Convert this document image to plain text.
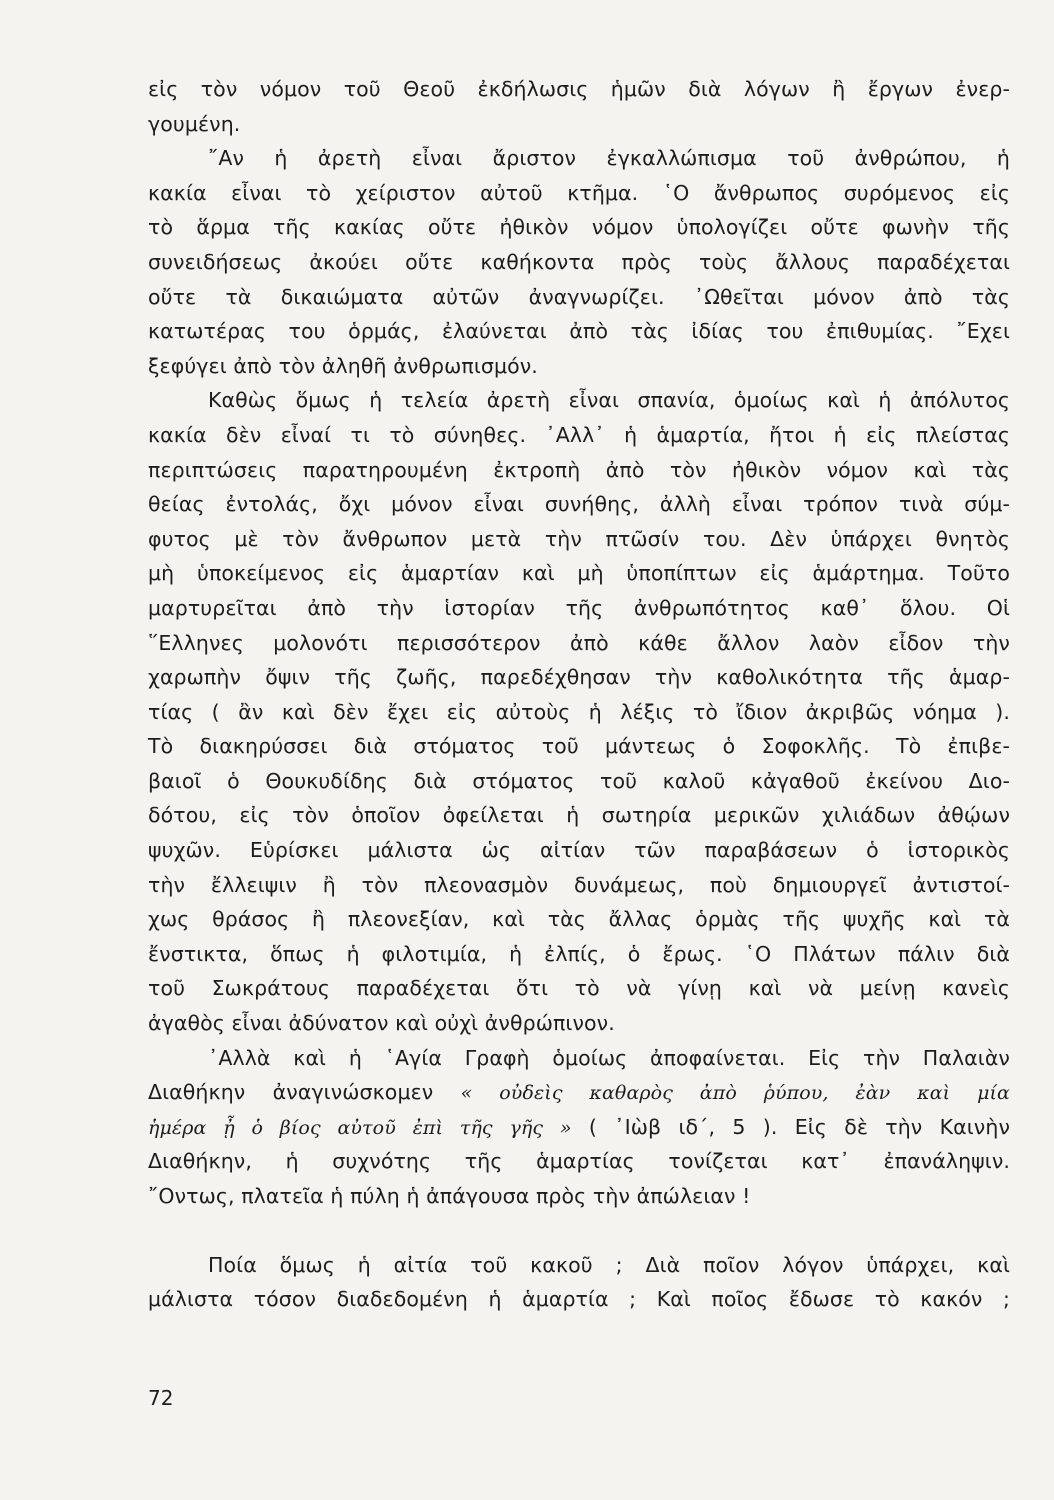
εἰς τὸν νόμον τοῦ Θεοῦ ἐκδήλωσις ἡμῶν διὰ λόγων ἢ ἔργων ἐνερ-
γουμένη.
῎Αν ἡ ἀρετὴ εἶναι ἄριστον ἐγκαλλώπισμα τοῦ ἀνθρώπου, ἡ
κακία εἶναι τὸ χείριστον αὐτοῦ κτῆμα. ῾Ο ἄνθρωπος συρόμενος εἰς
τὸ ἅρμα τῆς κακίας οὔτε ἠθικὸν νόμον ὑπολογίζει οὔτε φωνὴν τῆς
συνειδήσεως ἀκούει οὔτε καθήκοντα πρὸς τοὺς ἄλλους παραδέχεται
οὔτε τὰ δικαιώματα αὐτῶν ἀναγνωρίζει. ᾿Ωθεῖται μόνον ἀπὸ τὰς
κατωτέρας του ὁρμάς, ἐλαύνεται ἀπὸ τὰς ἰδίας του ἐπιθυμίας. ῎Εχει
ξεφύγει ἀπὸ τὸν ἀληθῆ ἀνθρωπισμόν.
Καθὼς ὅμως ἡ τελεία ἀρετὴ εἶναι σπανία, ὁμοίως καὶ ἡ ἀπόλυτος
κακία δὲν εἶναί τι τὸ σύνηθες. ᾿Αλλ᾿ ἡ ἁμαρτία, ἤτοι ἡ εἰς πλείστας
περιπτώσεις παρατηρουμένη ἐκτροπὴ ἀπὸ τὸν ἠθικὸν νόμον καὶ τὰς
θείας ἐντολάς, ὄχι μόνον εἶναι συνήθης, ἀλλὴ εἶναι τρόπον τινὰ σύμ-
φυτος μὲ τὸν ἄνθρωπον μετὰ τὴν πτῶσίν του. Δὲν ὑπάρχει θνητὸς
μὴ ὑποκείμενος εἰς ἁμαρτίαν καὶ μὴ ὑποπίπτων εἰς ἁμάρτημα. Τοῦτο
μαρτυρεῖται ἀπὸ τὴν ἱστορίαν τῆς ἀνθρωπότητος καθ᾿ ὅλου. Οἱ
῞Ελληνες μολονότι περισσότερον ἀπὸ κάθε ἄλλον λαὸν εἶδον τὴν
χαρωπὴν ὄψιν τῆς ζωῆς, παρεδέχθησαν τὴν καθολικότητα τῆς ἁμαρ-
τίας ( ἂν καὶ δὲν ἔχει εἰς αὐτοὺς ἡ λέξις τὸ ἴδιον ἀκριβῶς νόημα ).
Τὸ διακηρύσσει διὰ στόματος τοῦ μάντεως ὁ Σοφοκλῆς. Τὸ ἐπιβε-
βαιοῖ ὁ Θουκυδίδης διὰ στόματος τοῦ καλοῦ κἀγαθοῦ ἐκείνου Διο-
δότου, εἰς τὸν ὁποῖον ὀφείλεται ἡ σωτηρία μερικῶν χιλιάδων ἀθῴων
ψυχῶν. Εὑρίσκει μάλιστα ὡς αἰτίαν τῶν παραβάσεων ὁ ἱστορικὸς
τὴν ἔλλειψιν ἢ τὸν πλεονασμὸν δυνάμεως, ποὺ δημιουργεῖ ἀντιστοί-
χως θράσος ἢ πλεονεξίαν, καὶ τὰς ἄλλας ὁρμὰς τῆς ψυχῆς καὶ τὰ
ἔνστικτα, ὅπως ἡ φιλοτιμία, ἡ ἐλπίς, ὁ ἔρως. ῾Ο Πλάτων πάλιν διὰ
τοῦ Σωκράτους παραδέχεται ὅτι τὸ νὰ γίνῃ καὶ νὰ μείνῃ κανεὶς
ἀγαθὸς εἶναι ἀδύνατον καὶ οὐχὶ ἀνθρώπινον.
᾿Αλλὰ καὶ ἡ ῾Αγία Γραφὴ ὁμοίως ἀποφαίνεται. Εἰς τὴν Παλαιὰν
Διαθήκην ἀναγινώσκομεν « οὐδεὶς καθαρὸς ἀπὸ ῥύπου, ἐὰν καὶ μία
ἡμέρα ᾖ ὁ βίος αὐτοῦ ἐπὶ τῆς γῆς » ( ᾿Ιὼβ ιδ΄, 5 ). Εἰς δὲ τὴν Καινὴν
Διαθήκην, ἡ συχνότης τῆς ἁμαρτίας τονίζεται κατ᾿ ἐπανάληψιν.
῎Οντως, πλατεῖα ἡ πύλη ἡ ἀπάγουσα πρὸς τὴν ἀπώλειαν !
Ποία ὅμως ἡ αἰτία τοῦ κακοῦ ; Διὰ ποῖον λόγον ὑπάρχει, καὶ
μάλιστα τόσον διαδεδομένη ἡ ἁμαρτία ; Καὶ ποῖος ἔδωσε τὸ κακόν ;
72
